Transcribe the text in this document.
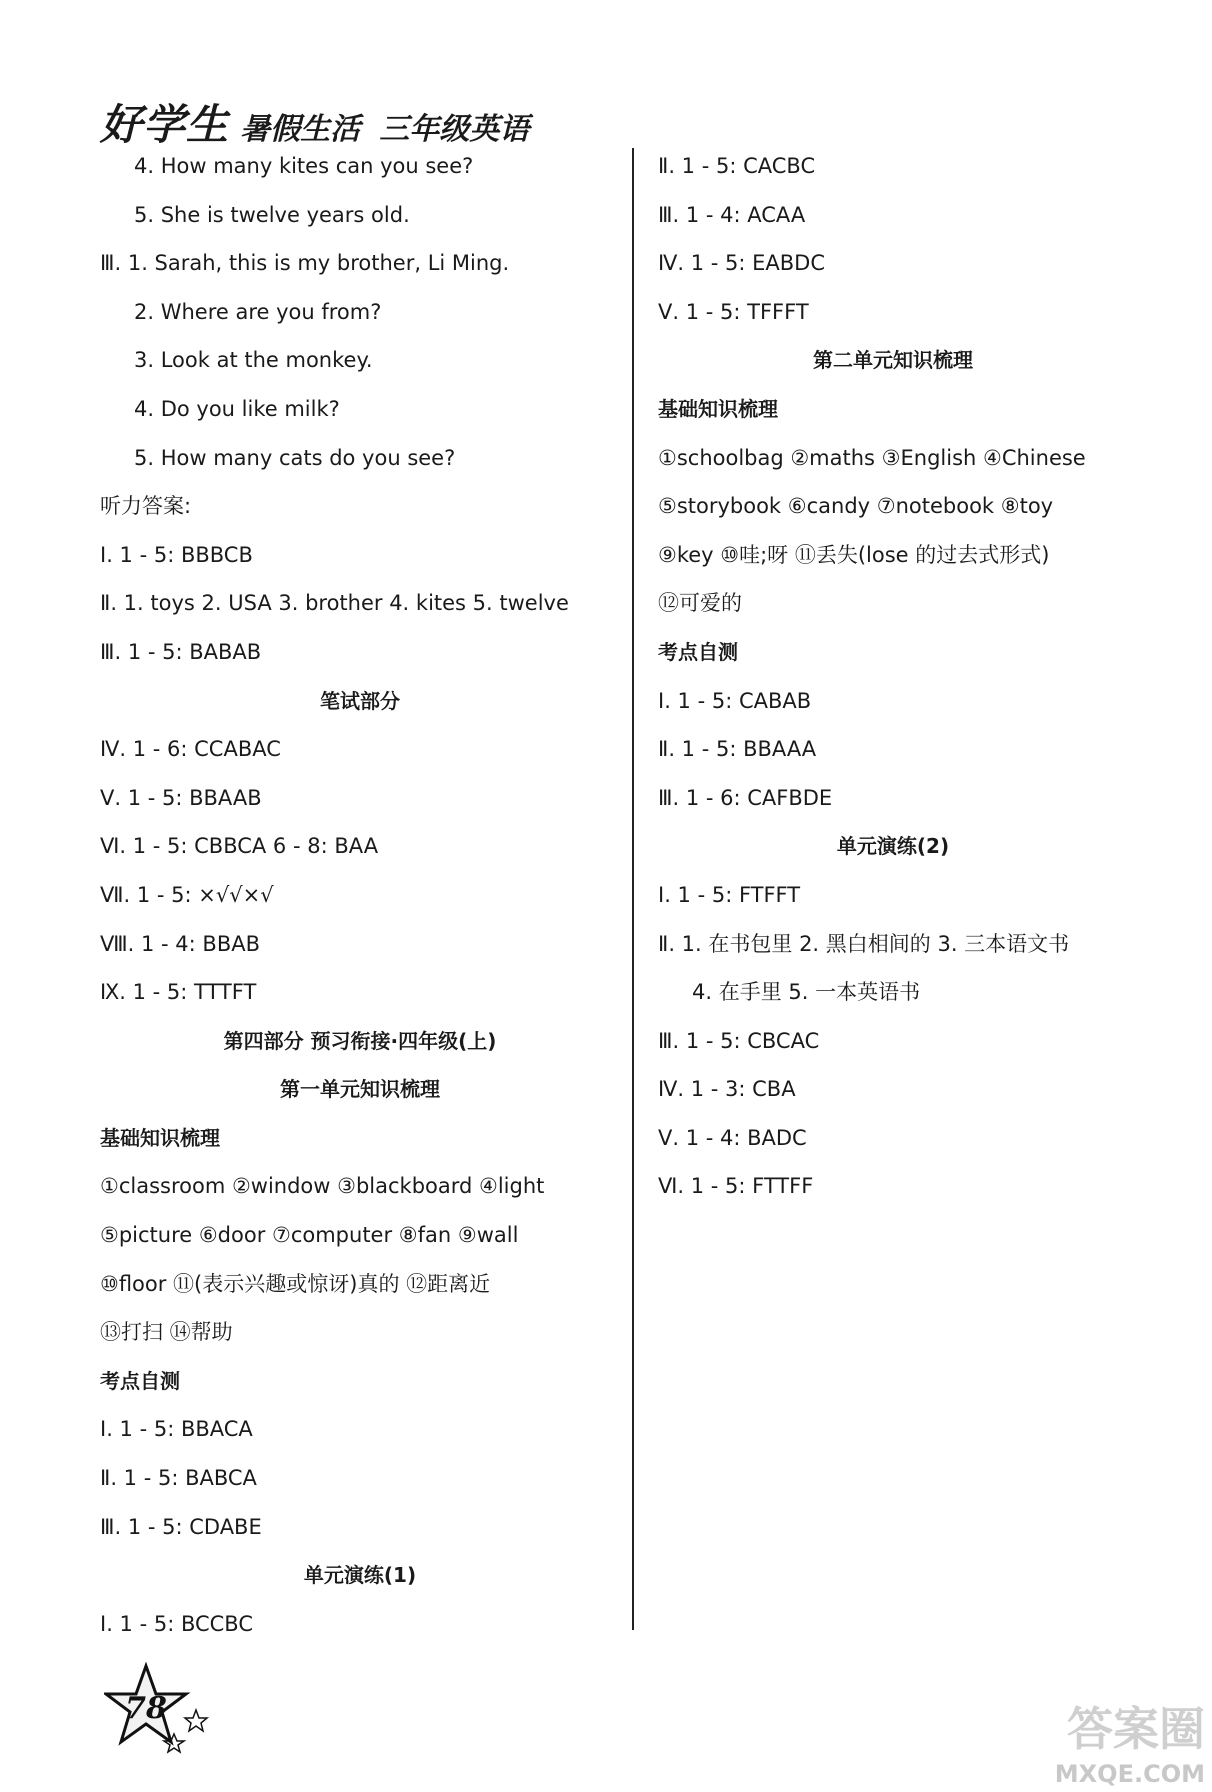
好学生 暑假生活 三年级英语
4. How many kites can you see?
5. She is twelve years old.
Ⅲ. 1. Sarah, this is my brother, Li Ming.
2. Where are you from?
3. Look at the monkey.
4. Do you like milk?
5. How many cats do you see?
听力答案:
Ⅰ. 1 - 5: BBBCB
Ⅱ. 1. toys 2. USA 3. brother 4. kites 5. twelve
Ⅲ. 1 - 5: BABAB
笔试部分
Ⅳ. 1 - 6: CCABAC
Ⅴ. 1 - 5: BBAAB
Ⅵ. 1 - 5: CBBCA 6 - 8: BAA
Ⅶ. 1 - 5: ×√√×√
Ⅷ. 1 - 4: BBAB
Ⅸ. 1 - 5: TTTFT
第四部分 预习衔接·四年级(上)
第一单元知识梳理
基础知识梳理
①classroom ②window ③blackboard ④light
⑤picture ⑥door ⑦computer ⑧fan ⑨wall
⑩floor ⑪(表示兴趣或惊讶)真的 ⑫距离近
⑬打扫 ⑭帮助
考点自测
Ⅰ. 1 - 5: BBACA
Ⅱ. 1 - 5: BABCA
Ⅲ. 1 - 5: CDABE
单元演练(1)
Ⅰ. 1 - 5: BCCBC
Ⅱ. 1 - 5: CACBC
Ⅲ. 1 - 4: ACAA
Ⅳ. 1 - 5: EABDC
Ⅴ. 1 - 5: TFFFT
第二单元知识梳理
基础知识梳理
①schoolbag ②maths ③English ④Chinese
⑤storybook ⑥candy ⑦notebook ⑧toy
⑨key ⑩哇;呀 ⑪丢失(lose 的过去式形式)
⑫可爱的
考点自测
Ⅰ. 1 - 5: CABAB
Ⅱ. 1 - 5: BBAAA
Ⅲ. 1 - 6: CAFBDE
单元演练(2)
Ⅰ. 1 - 5: FTFFT
Ⅱ. 1. 在书包里 2. 黑白相间的 3. 三本语文书
4. 在手里 5. 一本英语书
Ⅲ. 1 - 5: CBCAC
Ⅳ. 1 - 3: CBA
Ⅴ. 1 - 4: BADC
Ⅵ. 1 - 5: FTTFF
78	答案圈
MXQE.COM
